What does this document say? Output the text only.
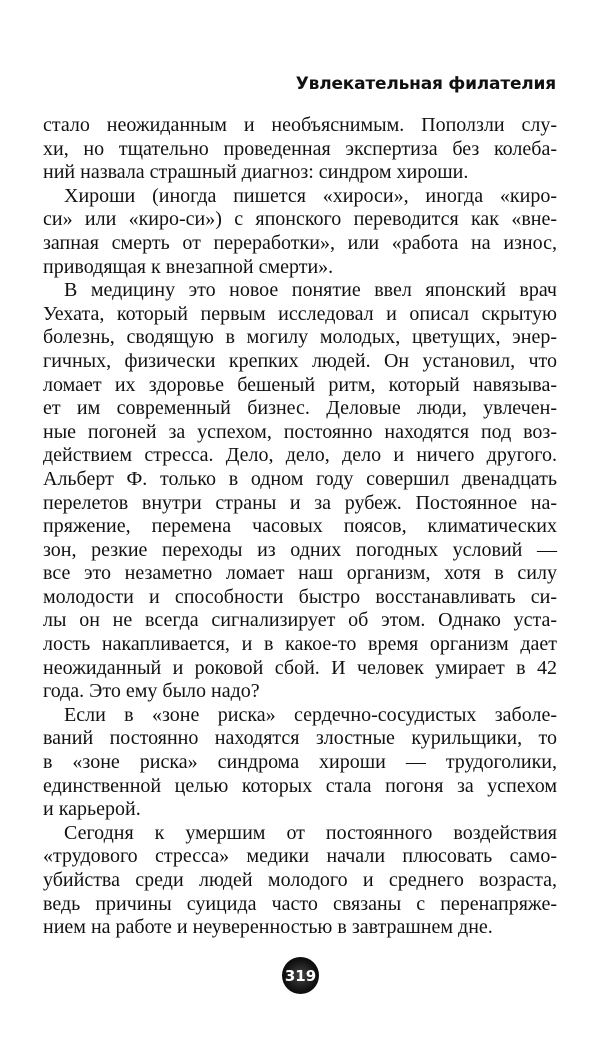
Увлекательная филателия
стало неожиданным и необъяснимым. Поползли слу-
хи, но тщательно проведенная экспертиза без колеба-
ний назвала страшный диагноз: синдром хироши.
Хироши (иногда пишется «хироси», иногда «киро-
си» или «киро-си») с японского переводится как «вне-
запная смерть от переработки», или «работа на износ,
приводящая к внезапной смерти».
В медицину это новое понятие ввел японский врач
Уехата, который первым исследовал и описал скрытую
болезнь, сводящую в могилу молодых, цветущих, энер-
гичных, физически крепких людей. Он установил, что
ломает их здоровье бешеный ритм, который навязыва-
ет им современный бизнес. Деловые люди, увлечен-
ные погоней за успехом, постоянно находятся под воз-
действием стресса. Дело, дело, дело и ничего другого.
Альберт Ф. только в одном году совершил двенадцать
перелетов внутри страны и за рубеж. Постоянное на-
пряжение, перемена часовых поясов, климатических
зон, резкие переходы из одних погодных условий —
все это незаметно ломает наш организм, хотя в силу
молодости и способности быстро восстанавливать си-
лы он не всегда сигнализирует об этом. Однако уста-
лость накапливается, и в какое-то время организм дает
неожиданный и роковой сбой. И человек умирает в 42
года. Это ему было надо?
Если в «зоне риска» сердечно-сосудистых заболе-
ваний постоянно находятся злостные курильщики, то
в «зоне риска» синдрома хироши — трудоголики,
единственной целью которых стала погоня за успехом
и карьерой.
Сегодня к умершим от постоянного воздействия
«трудового стресса» медики начали плюсовать само-
убийства среди людей молодого и среднего возраста,
ведь причины суицида часто связаны с перенапряже-
нием на работе и неуверенностью в завтрашнем дне.
319
